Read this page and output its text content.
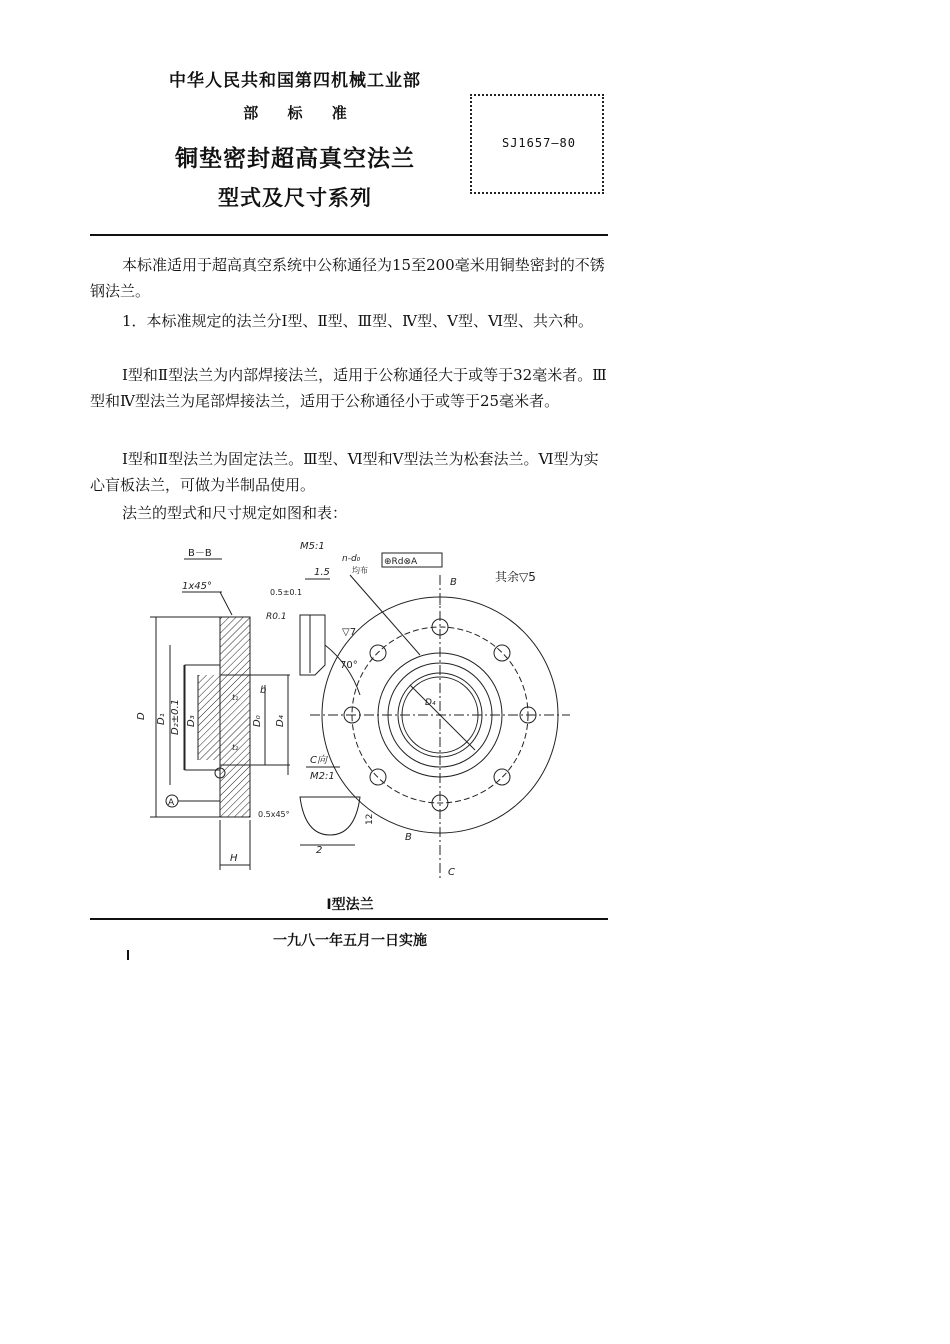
中华人民共和国第四机械工业部
部 标 准
铜垫密封超高真空法兰
型式及尺寸系列
SJ1657—80
本标准适用于超高真空系统中公称通径为15至200毫米用铜垫密封的不锈钢法兰。
1．本标准规定的法兰分Ⅰ型、Ⅱ型、Ⅲ型、Ⅳ型、Ⅴ型、Ⅵ型、共六种。
Ⅰ型和Ⅱ型法兰为内部焊接法兰，适用于公称通径大于或等于32毫米者。Ⅲ型和Ⅳ型法兰为尾部焊接法兰，适用于公称通径小于或等于25毫米者。
Ⅰ型和Ⅱ型法兰为固定法兰。Ⅲ型、Ⅵ型和Ⅴ型法兰为松套法兰。Ⅵ型为实心盲板法兰，可做为半制品使用。
法兰的型式和尺寸规定如图和表：
B－B
1x45°
D D₁ D₂±0.1 D₃	D₀ D₄
b
t₁
t₂
A
H
M5:1
1.5
0.5±0.1
R0.1
▽7
70°
C向
M2:1
0.5x45°
2
12
n-d₀
均布
⊕Rd⊗A
其余▽5
D₄
B
B
C
Ⅰ型法兰
一九八一年五月一日实施
